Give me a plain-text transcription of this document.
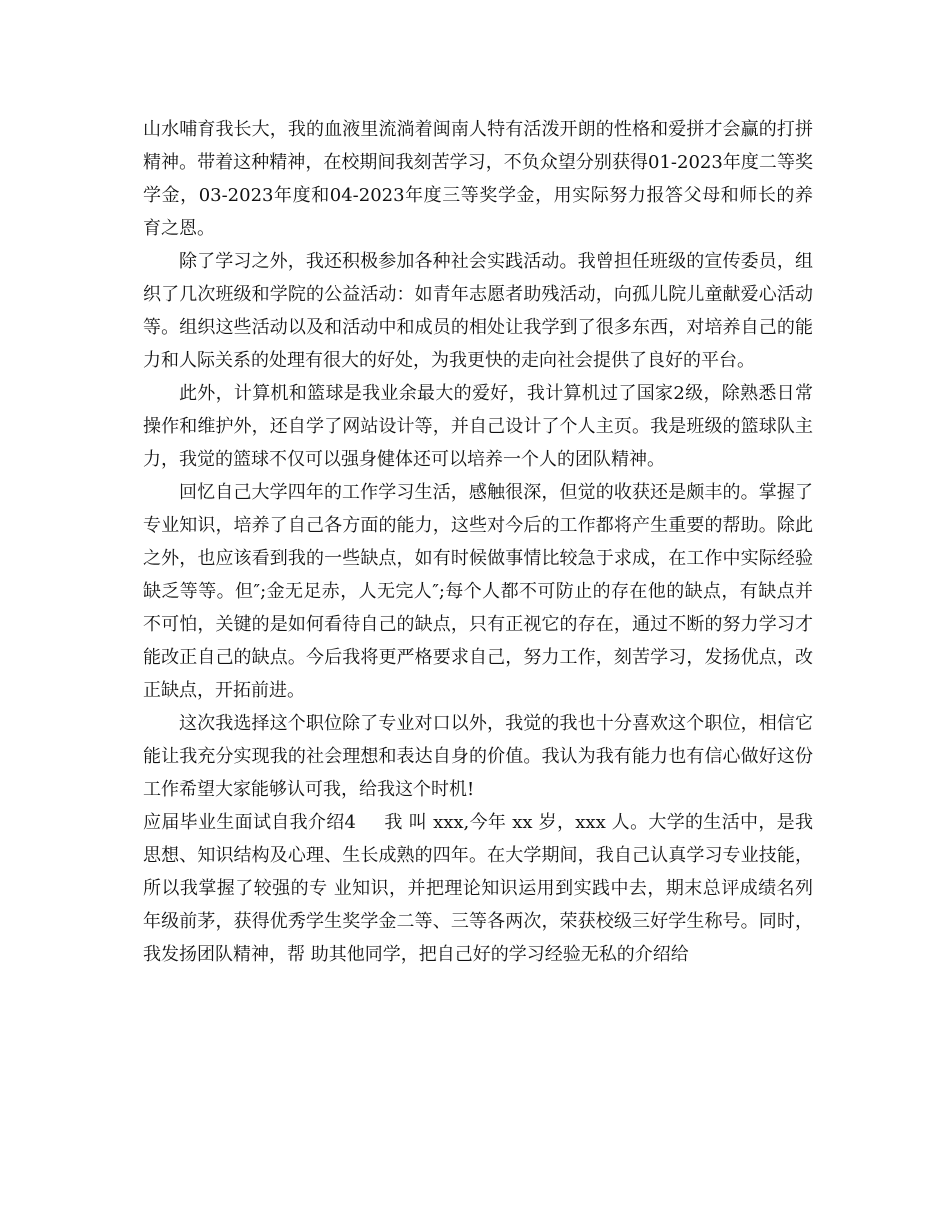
山水哺育我长大，我的血液里流淌着闽南人特有活泼开朗的性格和爱拼才会赢的打拼精神。带着这种精神，在校期间我刻苦学习，不负众望分别获得01-2023年度二等奖学金，03-2023年度和04-2023年度三等奖学金，用实际努力报答父母和师长的养育之恩。

除了学习之外，我还积极参加各种社会实践活动。我曾担任班级的宣传委员，组织了几次班级和学院的公益活动：如青年志愿者助残活动，向孤儿院儿童献爱心活动等。组织这些活动以及和活动中和成员的相处让我学到了很多东西，对培养自己的能力和人际关系的处理有很大的好处，为我更快的走向社会提供了良好的平台。

此外，计算机和篮球是我业余最大的爱好，我计算机过了国家2级，除熟悉日常操作和维护外，还自学了网站设计等，并自己设计了个人主页。我是班级的篮球队主力，我觉的篮球不仅可以强身健体还可以培养一个人的团队精神。

回忆自己大学四年的工作学习生活，感触很深，但觉的收获还是颇丰的。掌握了专业知识，培养了自己各方面的能力，这些对今后的工作都将产生重要的帮助。除此之外，也应该看到我的一些缺点，如有时候做事情比较急于求成，在工作中实际经验缺乏等等。但″;金无足赤，人无完人″;每个人都不可防止的存在他的缺点，有缺点并不可怕，关键的是如何看待自己的缺点，只有正视它的存在，通过不断的努力学习才能改正自己的缺点。今后我将更严格要求自己，努力工作，刻苦学习，发扬优点，改正缺点，开拓前进。

这次我选择这个职位除了专业对口以外，我觉的我也十分喜欢这个职位，相信它能让我充分实现我的社会理想和表达自身的价值。我认为我有能力也有信心做好这份工作希望大家能够认可我，给我这个时机!

应届毕业生面试自我介绍4 我 叫 xxx,今年 xx 岁，xxx 人。大学的生活中，是我思想、知识结构及心理、生长成熟的四年。在大学期间，我自己认真学习专业技能，所以我掌握了较强的专 业知识，并把理论知识运用到实践中去，期末总评成绩名列年级前茅，获得优秀学生奖学金二等、三等各两次，荣获校级三好学生称号。同时，我发扬团队精神，帮 助其他同学，把自己好的学习经验无私的介绍给
